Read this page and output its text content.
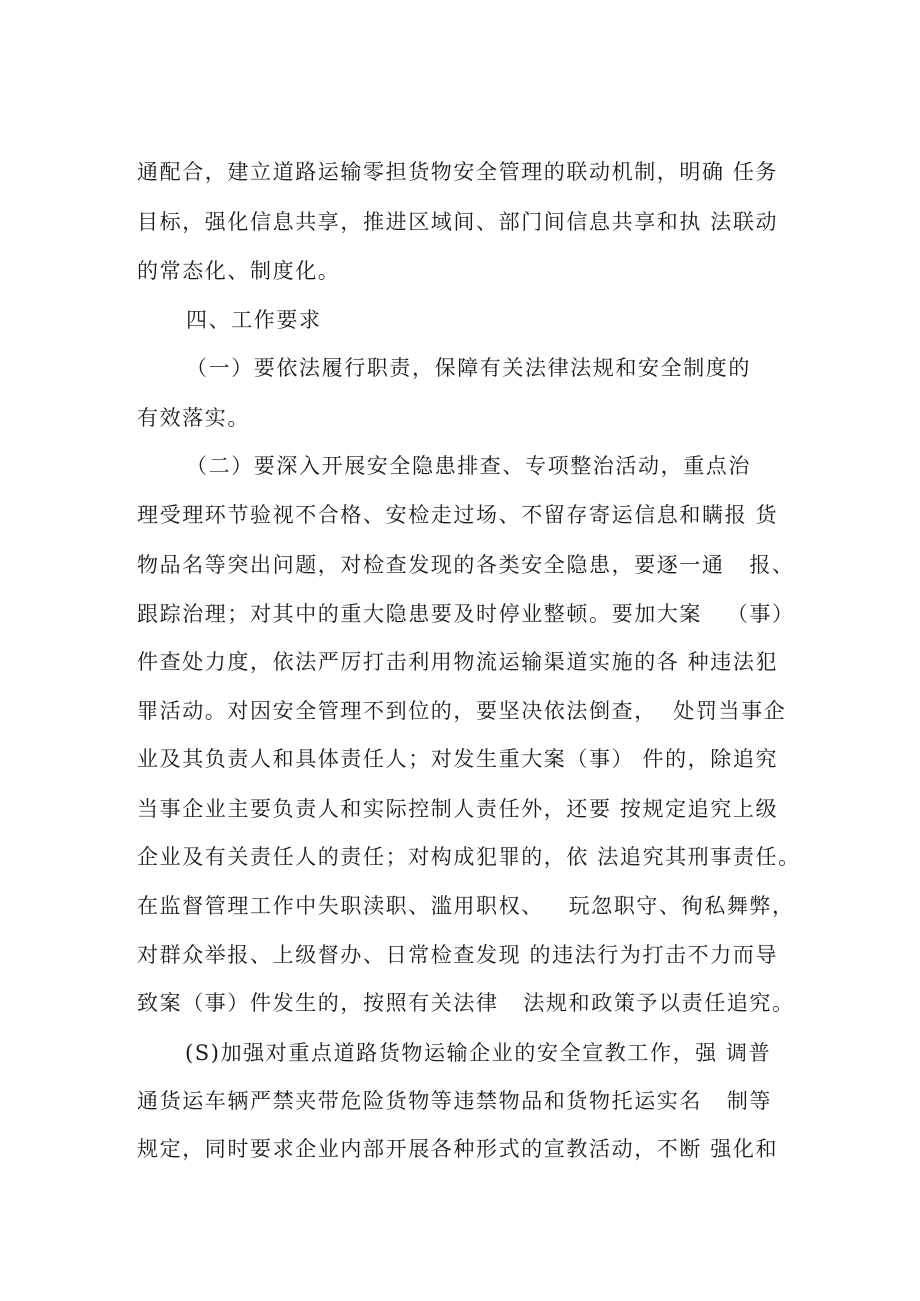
通配合，建立道路运输零担货物安全管理的联动机制，明确 任务
目标，强化信息共享，推进区域间、部门间信息共享和执 法联动
的常态化、制度化。
四、工作要求
（一）要依法履行职责，保障有关法律法规和安全制度的
有效落实。
（二）要深入开展安全隐患排查、专项整治活动，重点治
理受理环节验视不合格、安检走过场、不留存寄运信息和瞒报 货
物品名等突出问题，对检查发现的各类安全隐患，要逐一通   报、
跟踪治理；对其中的重大隐患要及时停业整顿。要加大案   （事）
件查处力度，依法严厉打击利用物流运输渠道实施的各 种违法犯
罪活动。对因安全管理不到位的，要坚决依法倒查，  处罚当事企
业及其负责人和具体责任人；对发生重大案（事） 件的，除追究
当事企业主要负责人和实际控制人责任外，还要 按规定追究上级
企业及有关责任人的责任；对构成犯罪的，依 法追究其刑事责任。
在监督管理工作中失职渎职、滥用职权、   玩忽职守、徇私舞弊，
对群众举报、上级督办、日常检查发现 的违法行为打击不力而导
致案（事）件发生的，按照有关法律   法规和政策予以责任追究。
(S)加强对重点道路货物运输企业的安全宣教工作，强 调普
通货运车辆严禁夹带危险货物等违禁物品和货物托运实名   制等
规定，同时要求企业内部开展各种形式的宣教活动，不断 强化和
